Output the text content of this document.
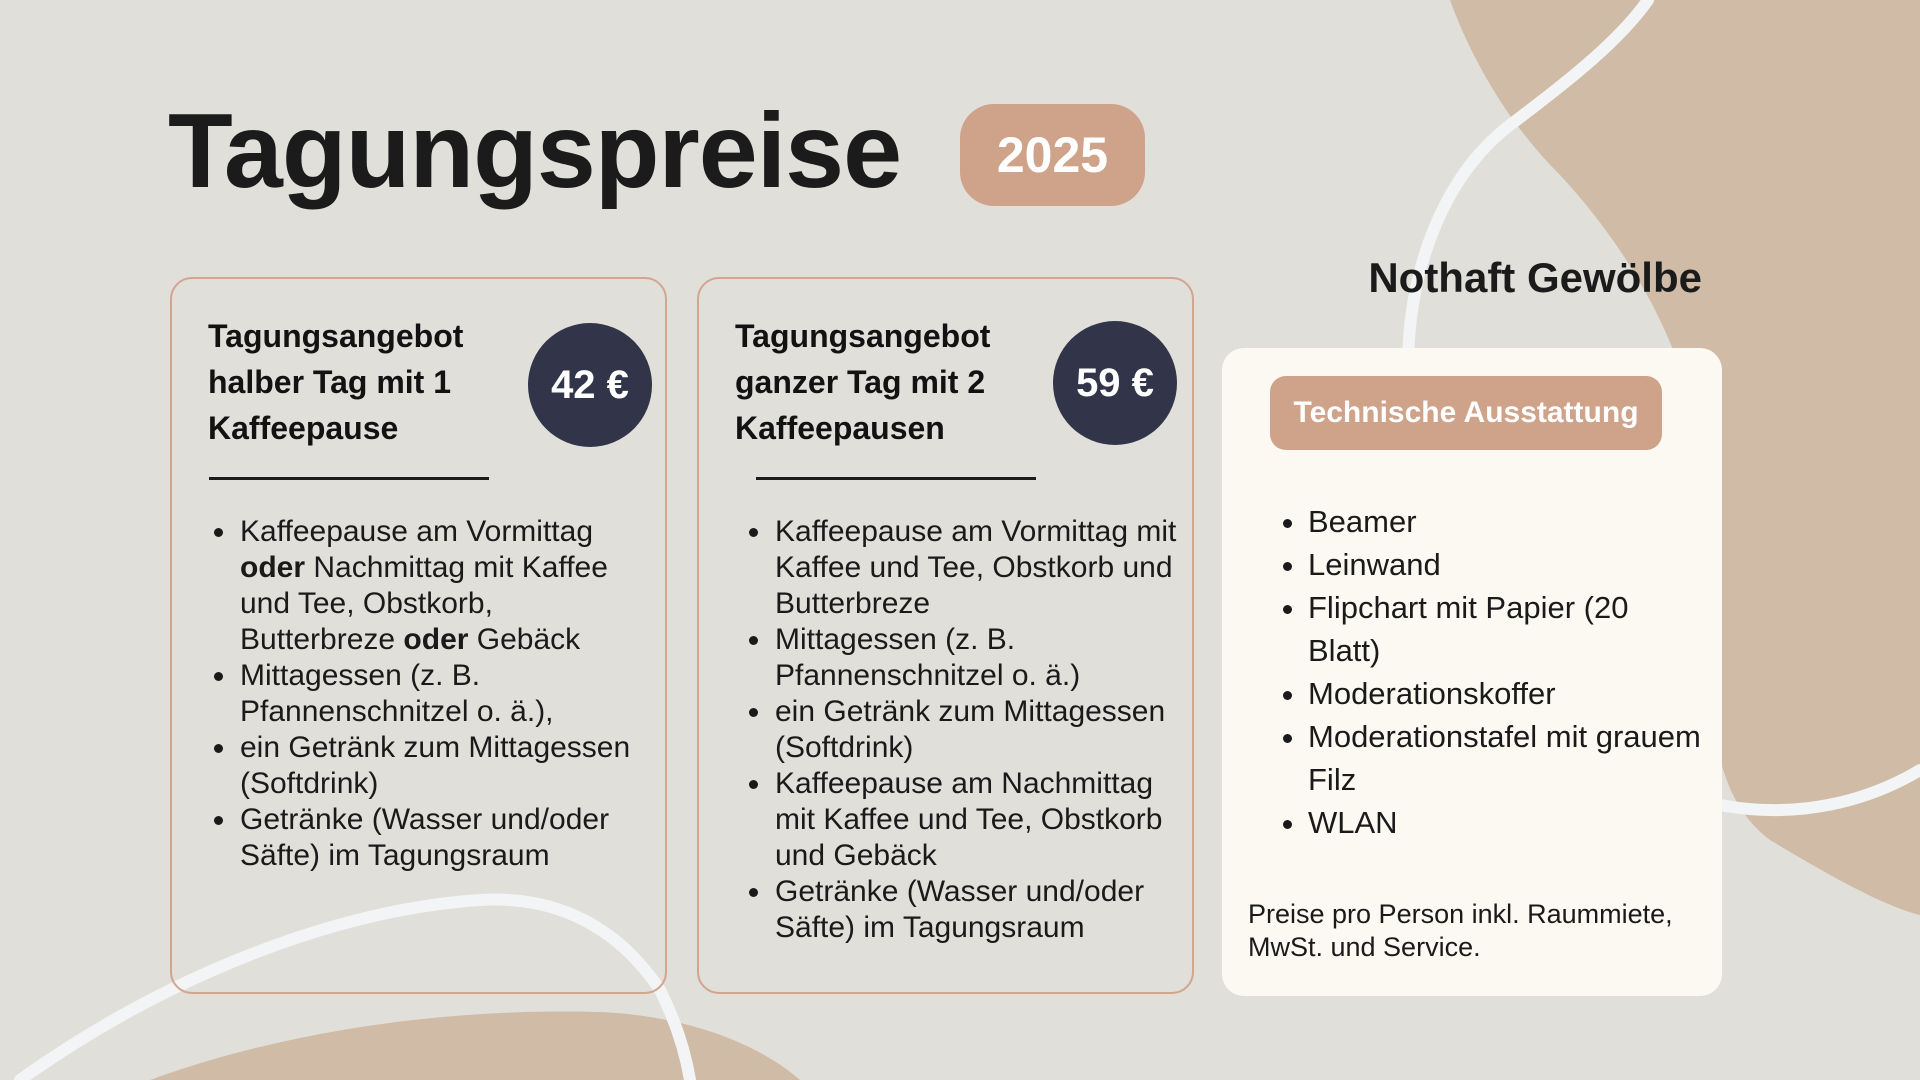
Tagungspreise	2025
Nothaft Gewölbe
Tagungsangebot halber Tag mit 1 Kaffeepause
42 €
• Kaffeepause am Vormittag oder Nachmittag mit Kaffee und Tee, Obstkorb, Butterbreze oder Gebäck
• Mittagessen (z. B. Pfannenschnitzel o. ä.),
• ein Getränk zum Mittagessen (Softdrink)
• Getränke (Wasser und/oder Säfte) im Tagungsraum
Tagungsangebot ganzer Tag mit 2 Kaffeepausen
59 €
• Kaffeepause am Vormittag mit Kaffee und Tee, Obstkorb und Butterbreze
• Mittagessen (z. B. Pfannenschnitzel o. ä.)
• ein Getränk zum Mittagessen (Softdrink)
• Kaffeepause am Nachmittag mit Kaffee und Tee, Obstkorb und Gebäck
• Getränke (Wasser und/oder Säfte) im Tagungsraum
Technische Ausstattung
• Beamer
• Leinwand
• Flipchart mit Papier (20 Blatt)
• Moderationskoffer
• Moderationstafel mit grauem Filz
• WLAN
Preise pro Person inkl. Raummiete, MwSt. und Service.
